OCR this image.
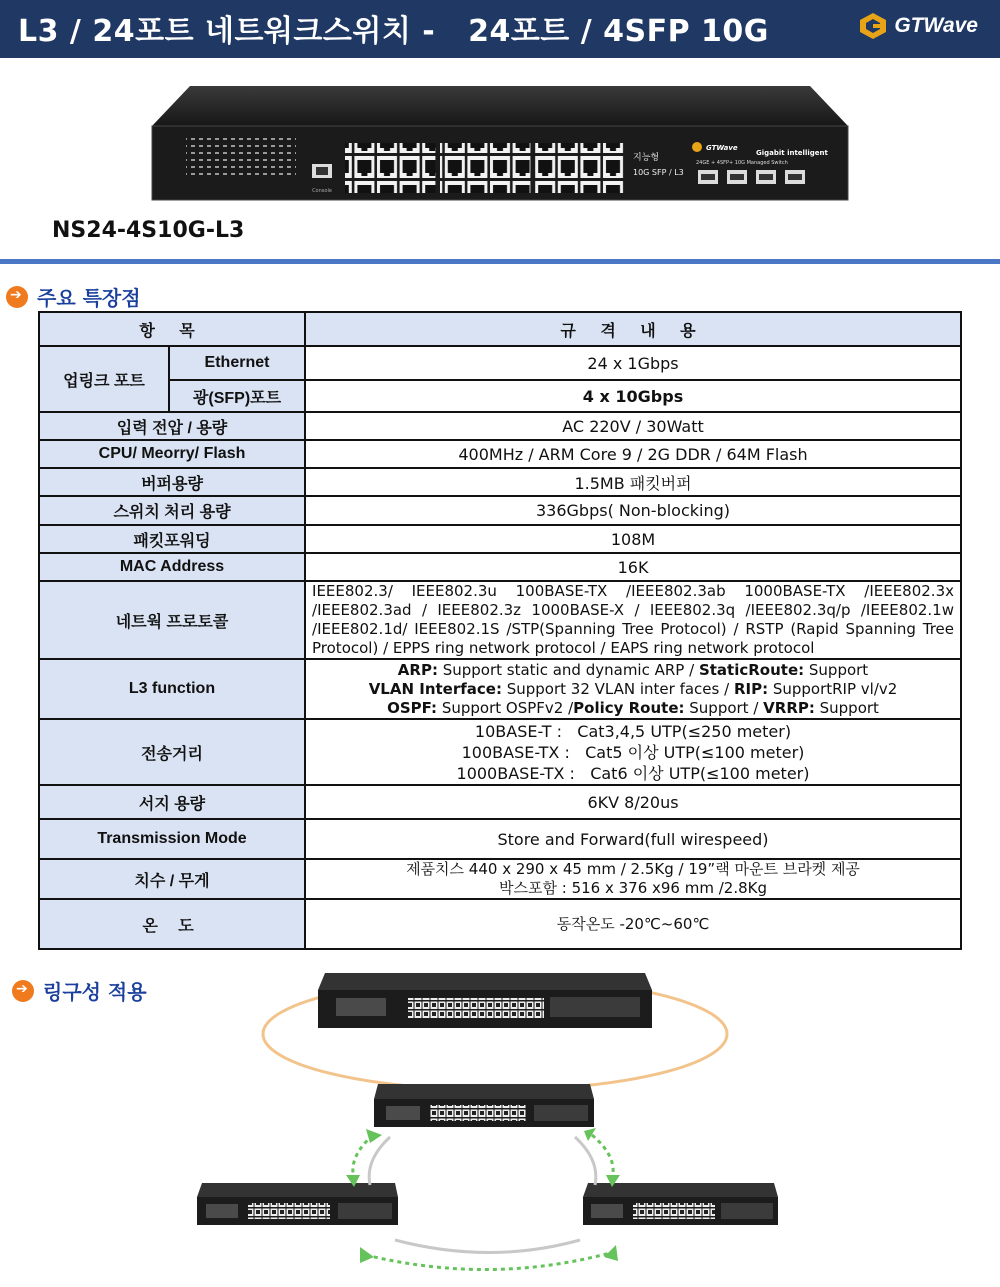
L3 / 24포트 네트워크스위치 -   24포트 / 4SFP 10G	GTWave
Console
지능형
10G SFP / L3
GTWave
Gigabit intelligent
24GE + 4SFP+ 10G Managed Switch
NS24-4S10G-L3
➔
주요 특장점
항 목		규 격 내 용
업링크 포트	Ethernet	24 x 1Gbps
	광(SFP)포트	4 x 10Gbps
입력 전압 / 용량		AC 220V / 30Watt
CPU/ Meorry/ Flash		400MHz / ARM Core 9 / 2G DDR / 64M Flash
버퍼용량		1.5MB 패킷버퍼
스위치 처리 용량		336Gbps( Non-blocking)
패킷포워딩		108M
MAC Address		16K
네트웍 프로토콜		IEEE802.3/ IEEE802.3u 100BASE-TX /IEEE802.3ab 1000BASE-TX /IEEE802.3x /IEEE802.3ad / IEEE802.3z 1000BASE-X / IEEE802.3q /IEEE802.3q/p /IEEE802.1w /IEEE802.1d/ IEEE802.1S /STP(Spanning Tree Protocol) / RSTP (Rapid Spanning Tree Protocol) / EPPS ring network protocol / EAPS ring network protocol
L3 function		ARP: Support static and dynamic ARP / StaticRoute: Support
VLAN Interface: Support 32 VLAN inter faces / RIP: SupportRIP vl/v2
OSPF: Support OSPFv2 /Policy Route: Support / VRRP: Support

전송거리		10BASE-T :   Cat3,4,5 UTP(≤250 meter)
100BASE-TX :   Cat5 이상 UTP(≤100 meter)
1000BASE-TX :   Cat6 이상 UTP(≤100 meter)

서지 용량		6KV 8/20us
Transmission Mode		Store and Forward(full wirespeed)
치수 / 무게		제품치스 440 x 290 x 45 mm / 2.5Kg / 19”랙 마운트 브라켓 제공
박스포함 : 516 x 376 x96 mm /2.8Kg

온 도		동작온도 -20℃~60℃
➔
링구성 적용
